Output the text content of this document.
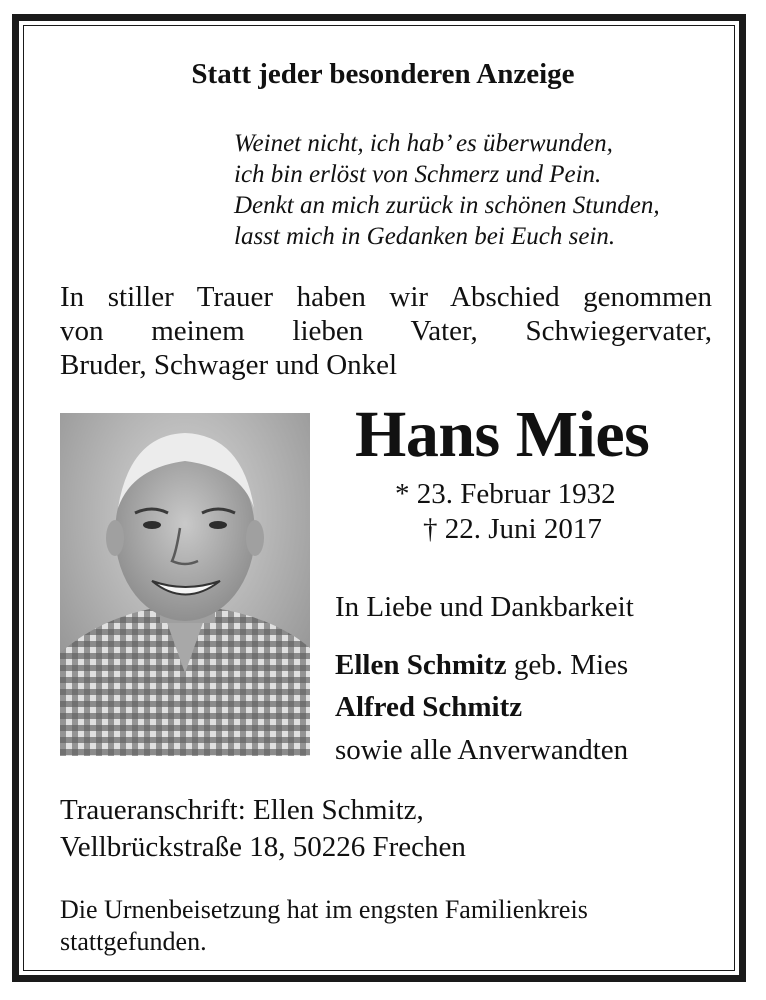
Statt jeder besonderen Anzeige
Weinet nicht, ich hab’ es überwunden,
ich bin erlöst von Schmerz und Pein.
Denkt an mich zurück in schönen Stunden,
lasst mich in Gedanken bei Euch sein.
In stiller Trauer haben wir Abschied genommen
von meinem lieben Vater, Schwiegervater,
Bruder, Schwager und Onkel
Hans Mies
* 23. Februar 1932
† 22. Juni 2017
In Liebe und Dankbarkeit
Ellen Schmitz geb. Mies
Alfred Schmitz
sowie alle Anverwandten
Traueranschrift: Ellen Schmitz,
Vellbrückstraße 18, 50226 Frechen
Die Urnenbeisetzung hat im engsten Familienkreis
stattgefunden.
